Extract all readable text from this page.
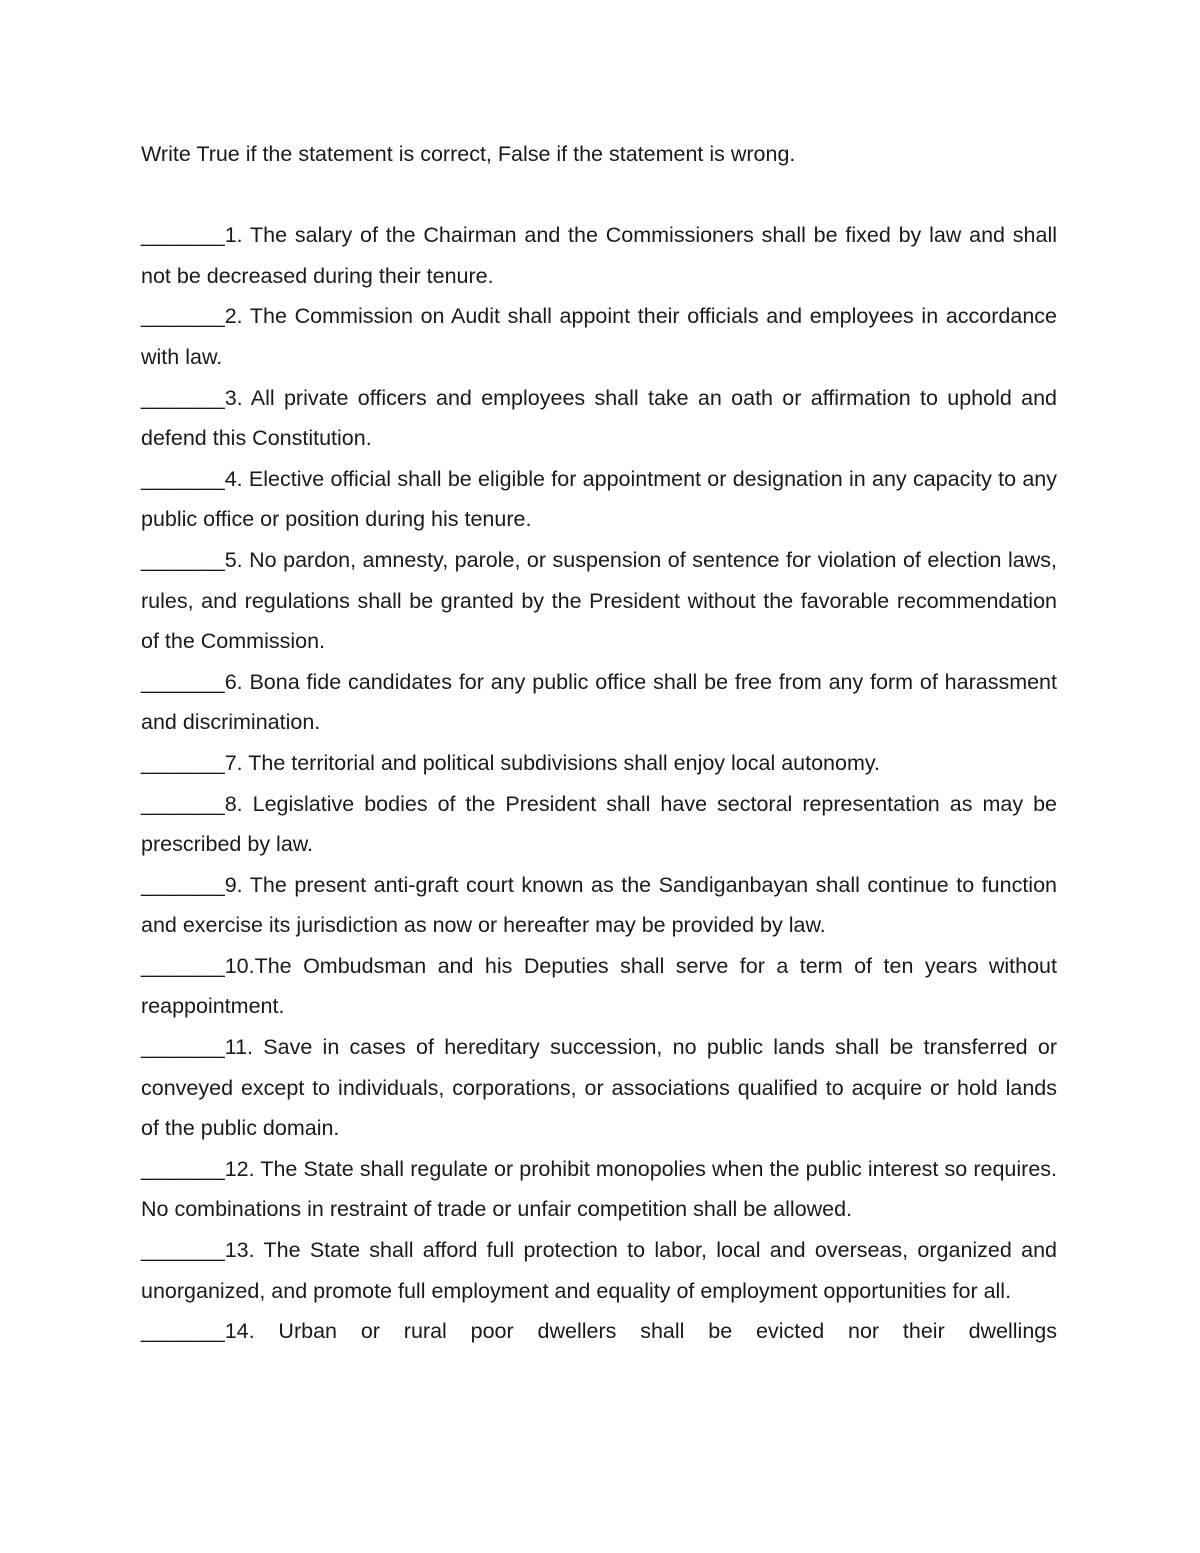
Write True if the statement is correct, False if the statement is wrong.

_______1. The salary of the Chairman and the Commissioners shall be fixed by law and shall not be decreased during their tenure.

_______2. The Commission on Audit shall appoint their officials and employees in accordance with law.

_______3. All private officers and employees shall take an oath or affirmation to uphold and defend this Constitution.

_______4. Elective official shall be eligible for appointment or designation in any capacity to any public office or position during his tenure.

_______5. No pardon, amnesty, parole, or suspension of sentence for violation of election laws, rules, and regulations shall be granted by the President without the favorable recommendation of the Commission.

_______6. Bona fide candidates for any public office shall be free from any form of harassment and discrimination.

_______7. The territorial and political subdivisions shall enjoy local autonomy.

_______8. Legislative bodies of the President shall have sectoral representation as may be prescribed by law.

_______9. The present anti-graft court known as the Sandiganbayan shall continue to function and exercise its jurisdiction as now or hereafter may be provided by law.

_______10.The Ombudsman and his Deputies shall serve for a term of ten years without reappointment.

_______11. Save in cases of hereditary succession, no public lands shall be transferred or conveyed except to individuals, corporations, or associations qualified to acquire or hold lands of the public domain.

_______12. The State shall regulate or prohibit monopolies when the public interest so requires. No combinations in restraint of trade or unfair competition shall be allowed.

_______13. The State shall afford full protection to labor, local and overseas, organized and unorganized, and promote full employment and equality of employment opportunities for all.

_______14. Urban or rural poor dwellers shall be evicted nor their dwellings
